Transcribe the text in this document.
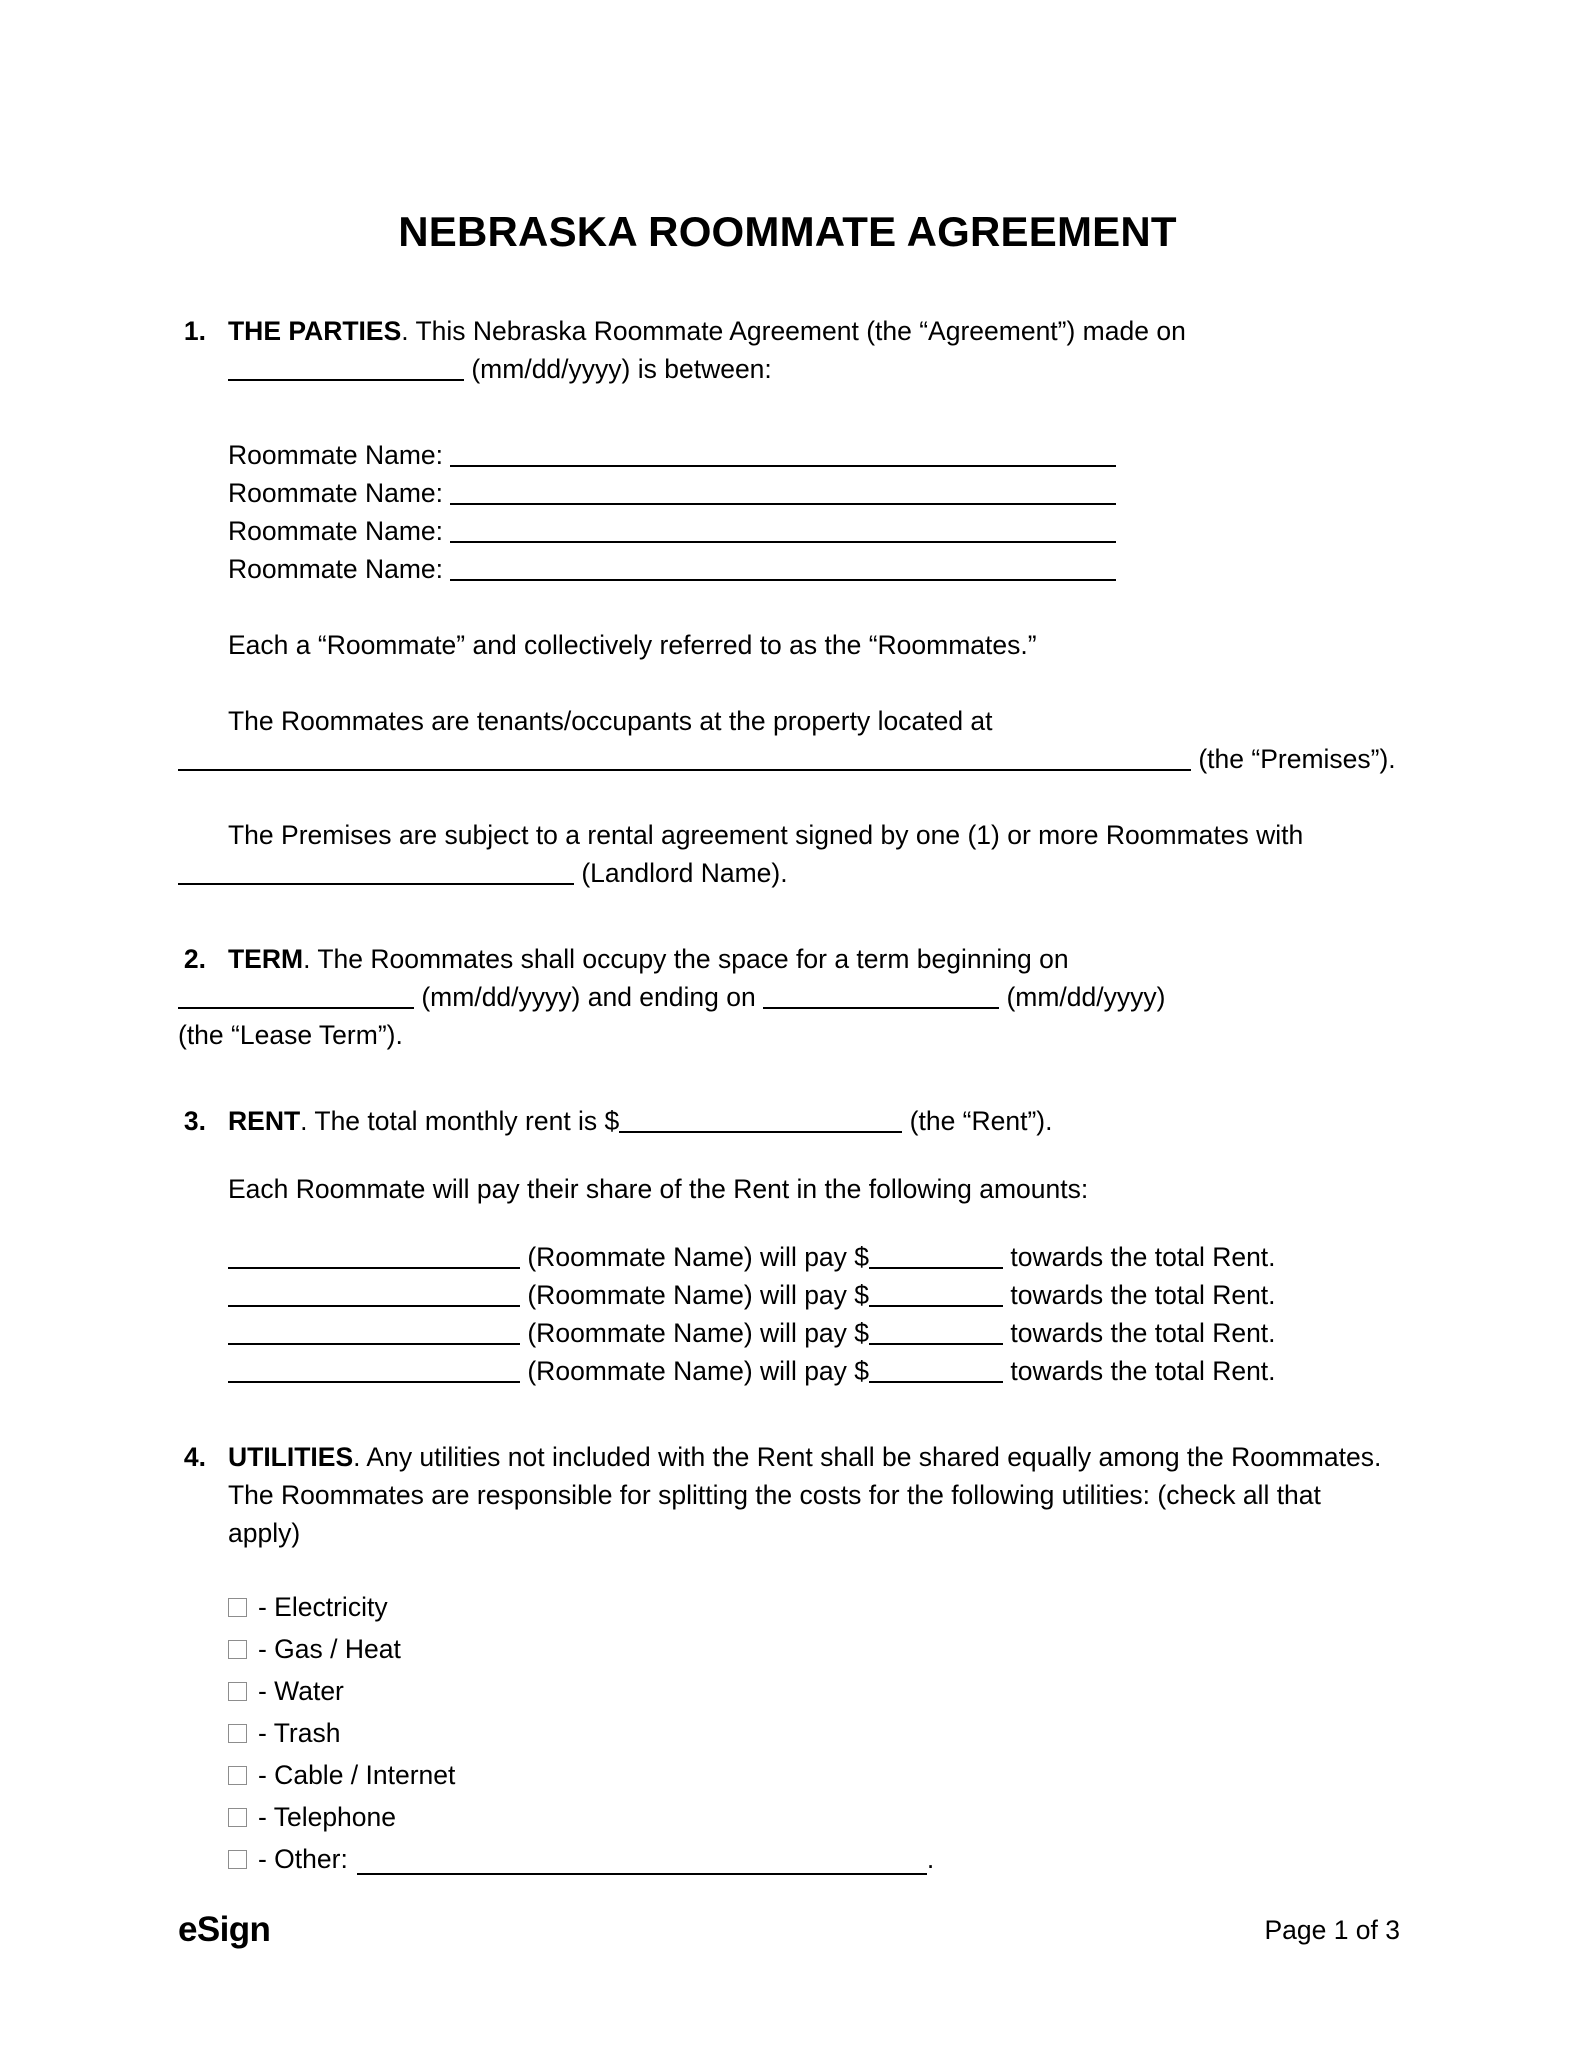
NEBRASKA ROOMMATE AGREEMENT
1. THE PARTIES. This Nebraska Roommate Agreement (the “Agreement”) made on
(mm/dd/yyyy) is between:
Roommate Name:
Roommate Name:
Roommate Name:
Roommate Name:
Each a “Roommate” and collectively referred to as the “Roommates.”
The Roommates are tenants/occupants at the property located at
(the “Premises”).
The Premises are subject to a rental agreement signed by one (1) or more Roommates with
(Landlord Name).
2. TERM. The Roommates shall occupy the space for a term beginning on
(mm/dd/yyyy) and ending on	(mm/dd/yyyy)
(the “Lease Term”).
3. RENT. The total monthly rent is $	(the “Rent”).
Each Roommate will pay their share of the Rent in the following amounts:
(Roommate Name) will pay $	towards the total Rent.
(Roommate Name) will pay $	towards the total Rent.
(Roommate Name) will pay $	towards the total Rent.
(Roommate Name) will pay $	towards the total Rent.
4. UTILITIES. Any utilities not included with the Rent shall be shared equally among the Roommates. The Roommates are responsible for splitting the costs for the following utilities: (check all that apply)
- Electricity
- Gas / Heat
- Water
- Trash
- Cable / Internet
- Telephone
- Other:	.
eSign	Page 1 of 3
